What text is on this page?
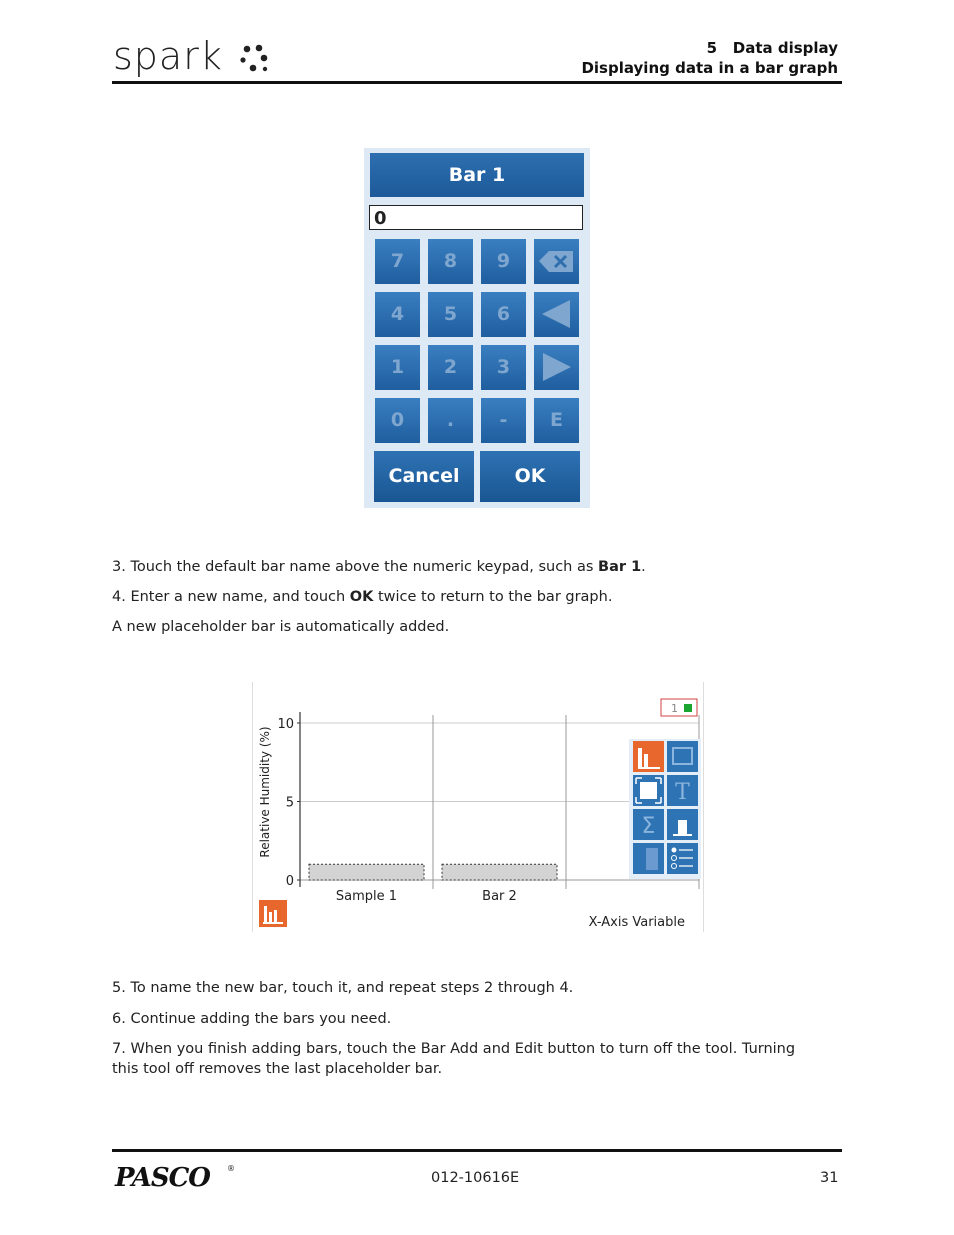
spark	5   Data display
Displaying data in a bar graph
Bar 1
0
7	8	9
4	5	6
1	2	3
0	.	-	E
Cancel	OK
3. Touch the default bar name above the numeric keypad, such as Bar 1.
4. Enter a new name, and touch OK twice to return to the bar graph.
A new placeholder bar is automatically added.
0
5
10
Sample 1	Bar 2
Relative Humidity (%)
X-Axis Variable
1
T
Σ
5. To name the new bar, touch it, and repeat steps 2 through 4.
6. Continue adding the bars you need.
7. When you finish adding bars, touch the Bar Add and Edit button to turn off the tool. Turning
this tool off removes the last placeholder bar.
PASCO ®
012-10616E	31
